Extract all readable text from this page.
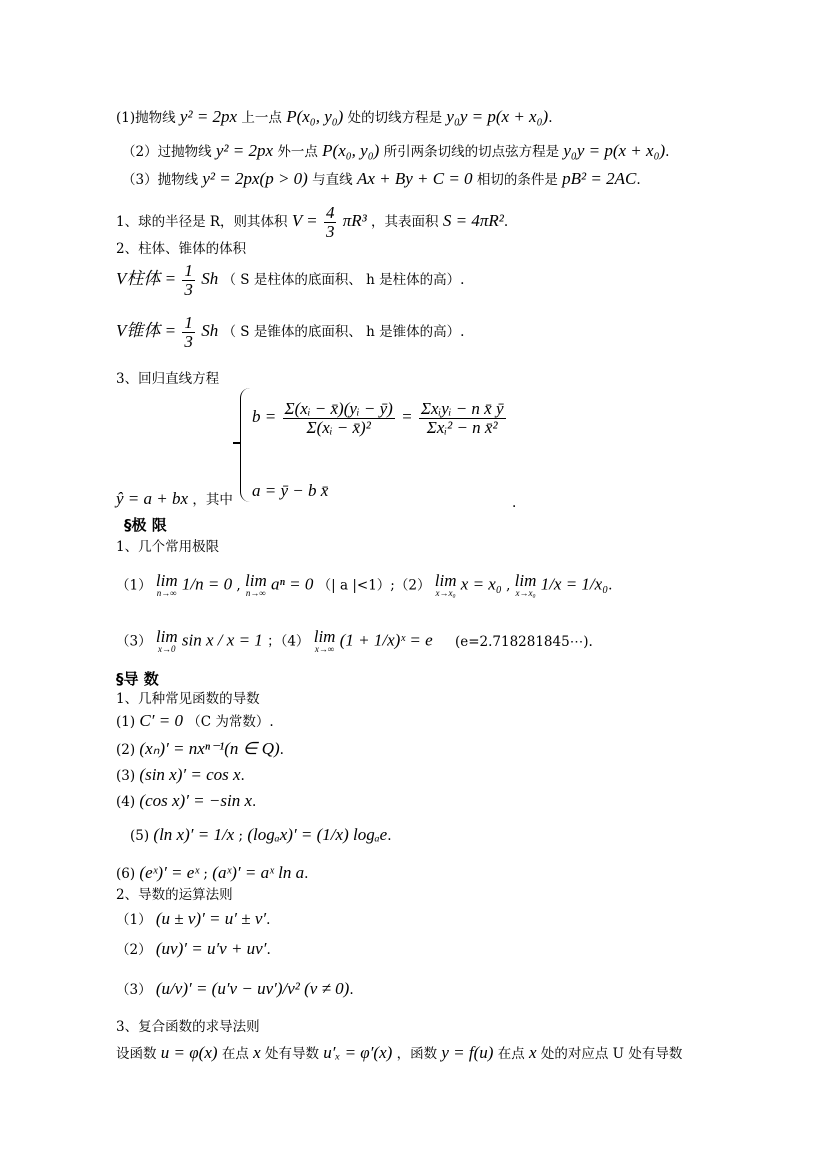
(1)抛物线 y² = 2px 上一点 P(x₀, y₀) 处的切线方程是 y₀y = p(x + x₀).
（2）过抛物线 y² = 2px 外一点 P(x₀, y₀) 所引两条切线的切点弦方程是 y₀y = p(x + x₀).
（3）抛物线 y² = 2px(p > 0) 与直线 Ax + By + C = 0 相切的条件是 pB² = 2AC.
1、球的半径是 R，则其体积 $V = \frac{4}{3} \pi R^3$ ，其表面积 S = 4πR².
2、柱体、锥体的体积
V柱体 = $\frac{1}{3}$ Sh （ S 是柱体的底面积、 h 是柱体的高）.
V锥体 = $\frac{1}{3}$ Sh （ S 是锥体的底面积、 h 是锥体的高）.
3、回归直线方程
$b = \frac{\text{Σ(xᵢ − x̄)(yᵢ − ȳ)}}{\text{Σ(xᵢ − x̄)²}} = \frac{\text{Σxᵢyᵢ − n x̄ ȳ}}{\text{Σxᵢ² − n x̄²}}$
a = ȳ − b x̄
ŷ = a + bx ，其中	.
§极 限
1、几个常用极限
（1） lim
n→∞ 1/n = 0 , lim
n→∞ aⁿ = 0 （| a |<1）;（2） lim
x→x₀ x = x₀ , lim
x→x₀ 1/x = 1/x₀.
（3） lim
x→0 sin x / x = 1 ；（4） lim
x→∞ (1 + 1/x)ˣ = e (e=2.718281845⋯).
§导 数
1、几种常见函数的导数
(1) C′ = 0 （C 为常数）.
(2) (xₙ)′ = nxⁿ⁻¹(n ∈ Q).
(3) (sin x)′ = cos x.
(4) (cos x)′ = −sin x.
(5) (ln x)′ = 1/x ; (logₐx)′ = (1/x) logₐe.
(6) (eˣ)′ = eˣ ; (aˣ)′ = aˣ ln a.
2、导数的运算法则
（1） (u ± v)′ = u′ ± v′.
（2） (uv)′ = u′v + uv′.
（3） (u/v)′ = (u′v − uv′)/v² (v ≠ 0).
3、复合函数的求导法则
设函数 u = φ(x) 在点 x 处有导数 u′ₓ = φ′(x) ，函数 y = f(u) 在点 x 处的对应点 U 处有导数
